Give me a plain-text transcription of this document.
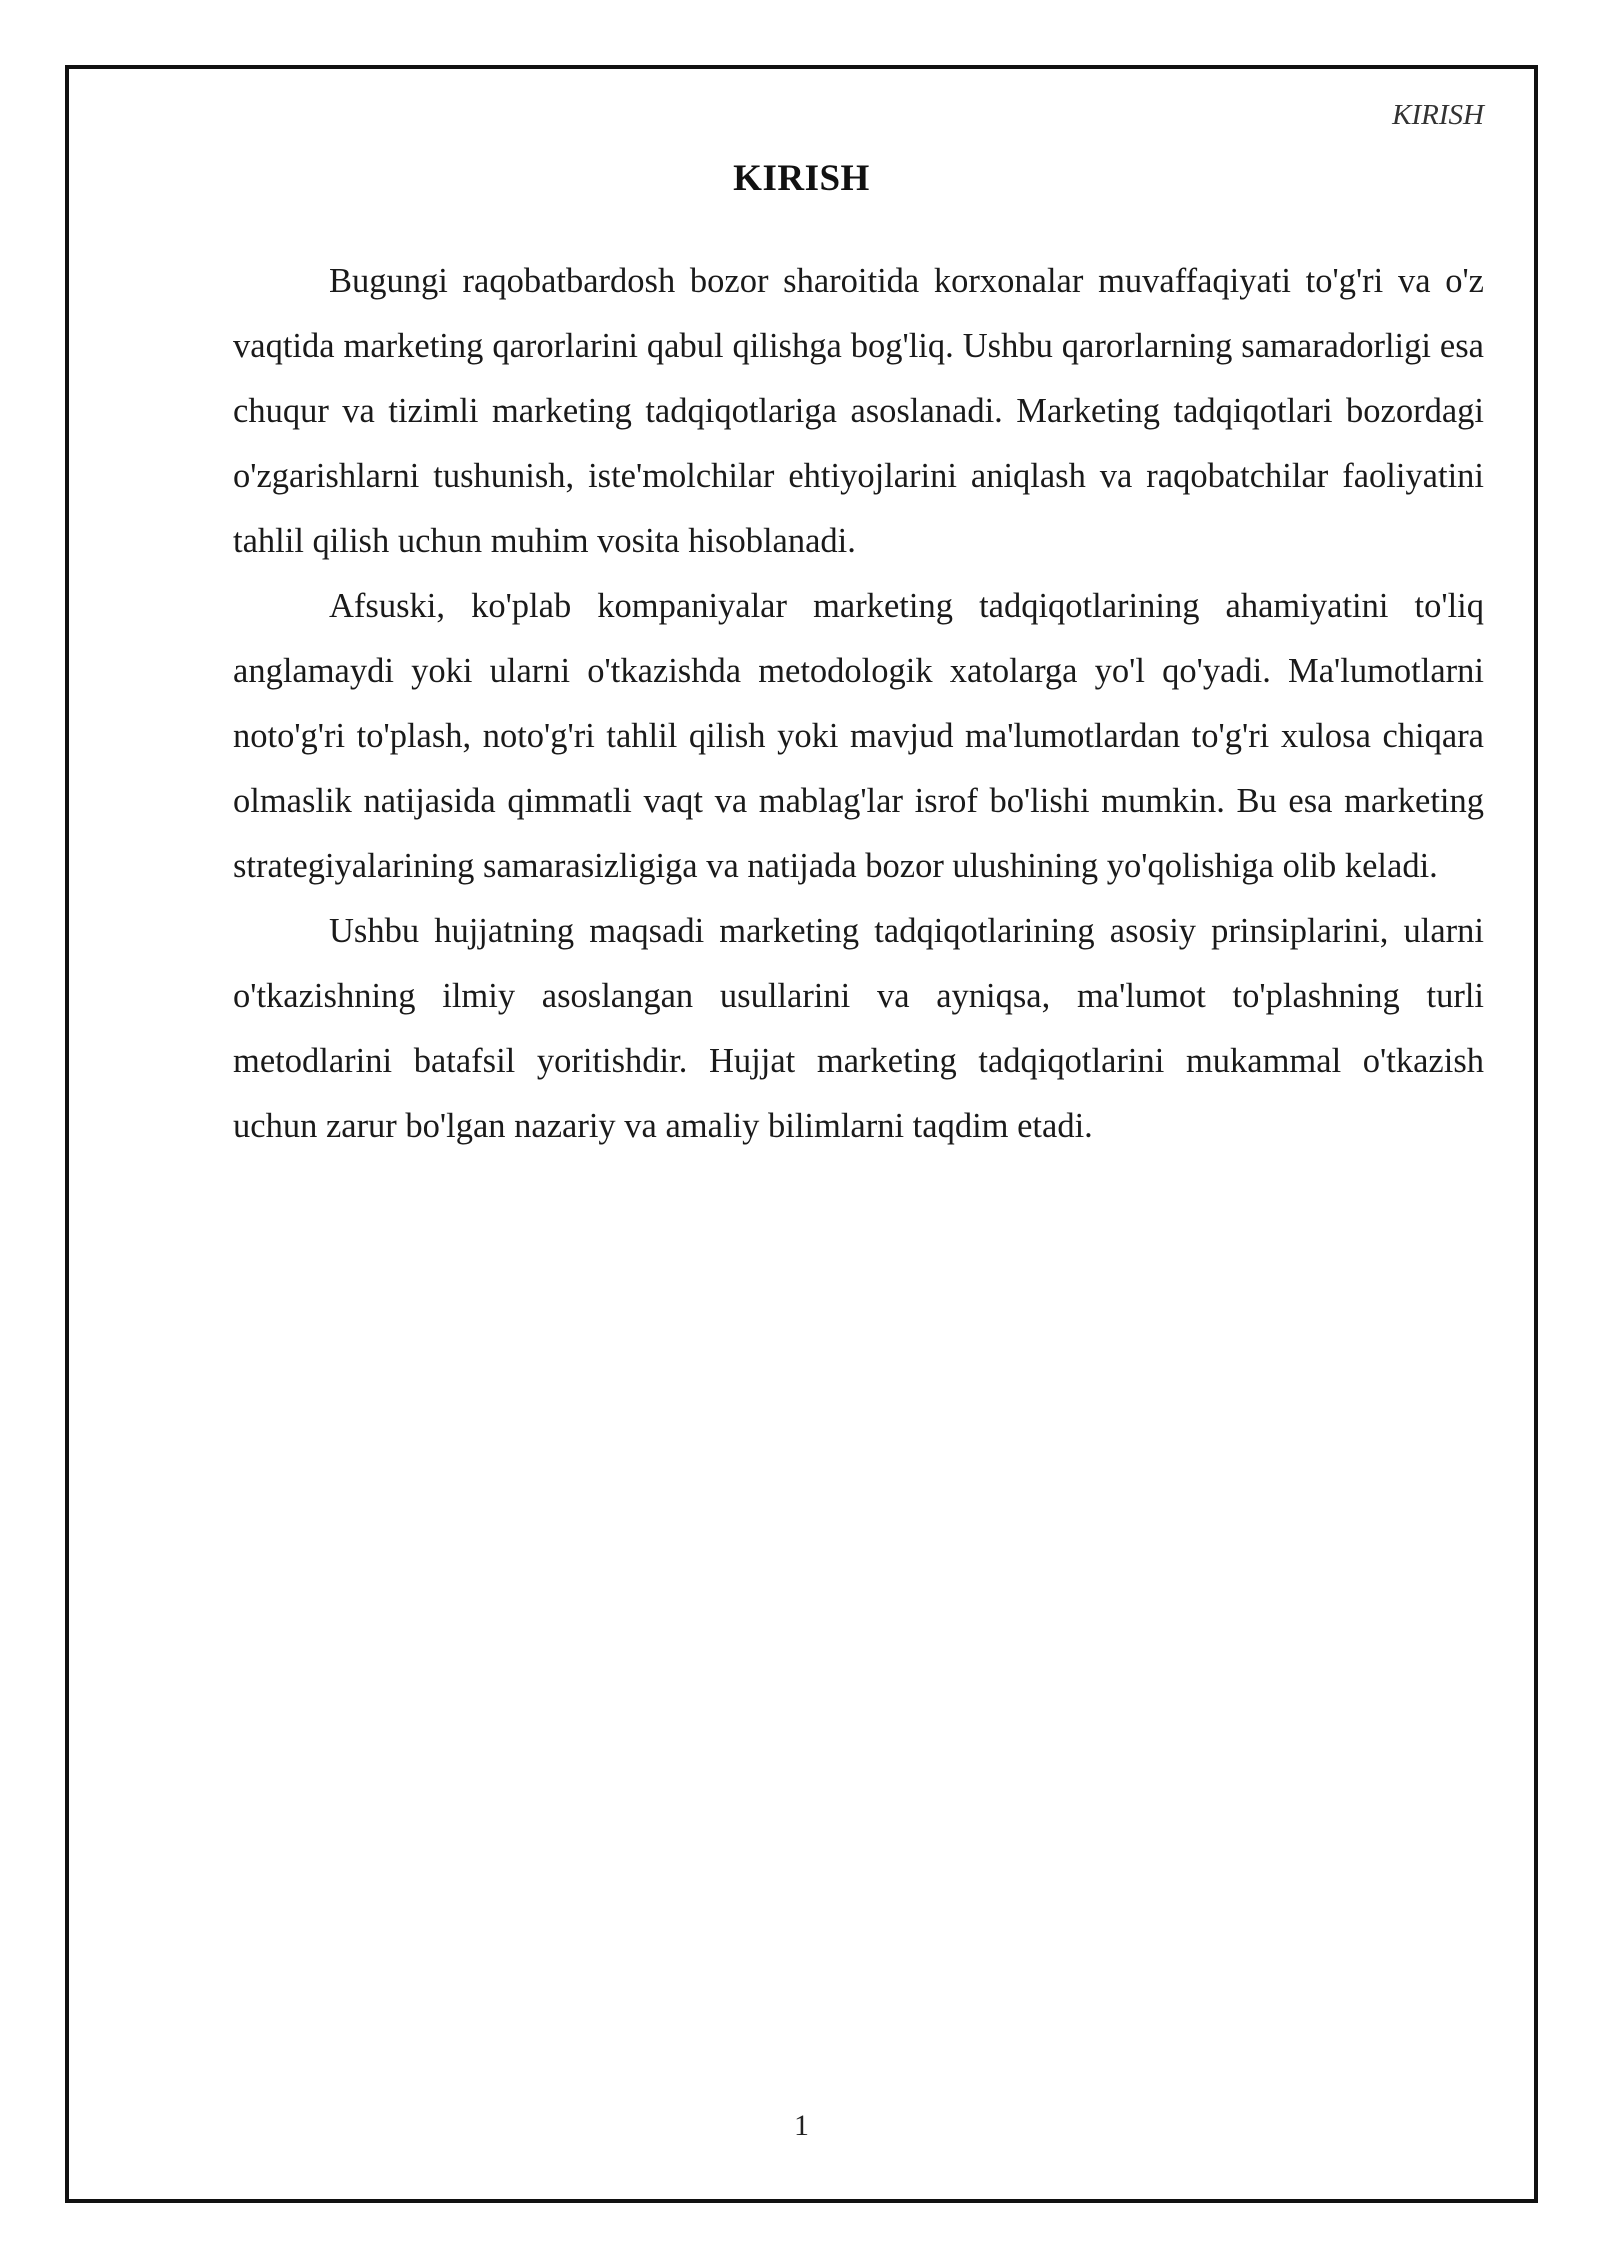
KIRISH
KIRISH

Bugungi raqobatbardosh bozor sharoitida korxonalar muvaffaqiyati to'g'ri va o'z vaqtida marketing qarorlarini qabul qilishga bog'liq. Ushbu qarorlarning samaradorligi esa chuqur va tizimli marketing tadqiqotlariga asoslanadi. Marketing tadqiqotlari bozordagi o'zgarishlarni tushunish, iste'molchilar ehtiyojlarini aniqlash va raqobatchilar faoliyatini tahlil qilish uchun muhim vosita hisoblanadi.

Afsuski, ko'plab kompaniyalar marketing tadqiqotlarining ahamiyatini to'liq anglamaydi yoki ularni o'tkazishda metodologik xatolarga yo'l qo'yadi. Ma'lumotlarni noto'g'ri to'plash, noto'g'ri tahlil qilish yoki mavjud ma'lumotlardan to'g'ri xulosa chiqara olmaslik natijasida qimmatli vaqt va mablag'lar isrof bo'lishi mumkin. Bu esa marketing strategiyalarining samarasizligiga va natijada bozor ulushining yo'qolishiga olib keladi.

Ushbu hujjatning maqsadi marketing tadqiqotlarining asosiy prinsiplarini, ularni o'tkazishning ilmiy asoslangan usullarini va ayniqsa, ma'lumot to'plashning turli metodlarini batafsil yoritishdir. Hujjat marketing tadqiqotlarini mukammal o'tkazish uchun zarur bo'lgan nazariy va amaliy bilimlarni taqdim etadi.

1
